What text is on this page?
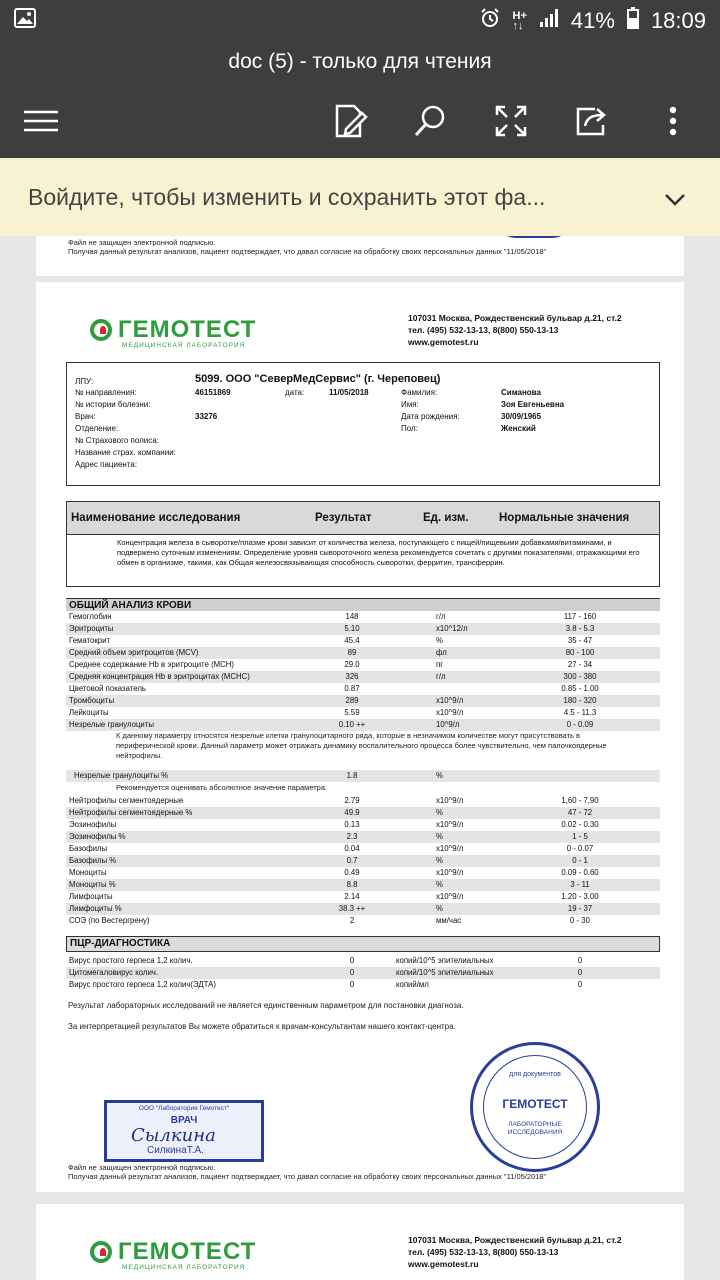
H+
↑↓ 41% 18:09
doc (5) - только для чтения
Войдите, чтобы изменить и сохранить этот фа...
Файл не защищен электронной подписью.
Получая данный результат анализов, пациент подтверждает, что давал согласие на обработку своих персональных данных "11/05/2018"
ГЕМОТЕСТ
МЕДИЦИНСКАЯ ЛАБОРАТОРИЯ
107031 Москва, Рождественский бульвар д.21, ст.2
тел. (495) 532-13-13, 8(800) 550-13-13
www.gemotest.ru
ЛПУ:	5099. ООО "СеверМедСервис" (г. Череповец)
№ направления:	46151869	дата:	11/05/2018
№ истории болезни:
Врач:	33276
Отделение:
№ Страхового полиса:
Название страх. компании:
Адрес пациента:
Фамилия:	Симанова
Имя:	Зоя Евгеньевна
Дата рождения:	30/09/1965
Пол:	Женский
Наименование исследования	Результат	Ед. изм.	Нормальные значения
Концентрация железа в сыворотке/плазме крови зависит от количества железа, поступающего с пищей/пищевыми добавками/витаминами, и подвержено суточным изменениям. Определение уровня сывороточного железа рекомендуется сочетать с другими показателями, отражающими его обмен в организме, такими, как Общая железосвязывающая способность сыворотки, ферритин, трансферрин.
ОБЩИЙ АНАЛИЗ КРОВИ
Гемоглобин	148	г/л	117 - 160
Эритроциты	5.10	x10^12/л	3.8 - 5.3
Гематокрит	45.4	%	35 - 47
Средний объем эритроцитов (MCV)	89	фл	80 - 100
Среднее содержание Hb в эритроците (MCH)	29.0	пг	27 - 34
Средняя концентрация Hb в эритроцитах (MCHC)	326	г/л	300 - 380
Цветовой показатель	0.87	0.85 - 1.00
Тромбоциты	289	x10^9/л	180 - 320
Лейкоциты	5.59	x10^9/л	4.5 - 11.3
Незрелые гранулоциты	0.10 ++	10^9/л	0 - 0.09
К данному параметру относятся незрелые клетки гранулоцитарного ряда, которые в незначимом количестве могут присутствовать в периферической крови. Данный параметр может отражать динамику воспалительного процесса более чувствительно, чем палочкоядерные нейтрофилы.
Незрелые гранулоциты %	1.8	%
Рекомендуется оценивать абсолютное значение параметра.
Нейтрофилы сегментоядерные	2.79	x10^9/л	1,60 - 7,90
Нейтрофилы сегментоядерные %	49.9	%	47 - 72
Эозинофилы	0.13	x10^9/л	0.02 - 0.30
Эозинофилы %	2.3	%	1 - 5
Базофилы	0.04	x10^9/л	0 - 0.07
Базофилы %	0.7	%	0 - 1
Моноциты	0.49	x10^9/л	0.09 - 0.60
Моноциты %	8.8	%	3 - 11
Лимфоциты	2.14	x10^9/л	1.20 - 3.00
Лимфоциты %	38.3 ++	%	19 - 37
СОЭ (по Вестергрену)	2	мм/час	0 - 30
ПЦР-ДИАГНОСТИКА
Вирус простого герпеса 1,2 колич.	0	копий/10^5 эпителиальных	0
Цитомегаловирус колич.	0	копий/10^5 эпителиальных	0
Вирус простого герпеса 1,2 колич(ЭДТА)	0	копий/мл	0
Результат лабораторных исследований не является единственным параметром для постановки диагноза.
За интерпретацией результатов Вы можете обратиться к врачам-консультантам нашего контакт-центра.
ООО "Лаборатория Гемотест"
ВРАЧ
Сылкина
СилкинаТ.А.
для документов
ГЕМОТЕСТ
ЛАБОРАТОРНЫЕ ИССЛЕДОВАНИЯ
Файл не защищен электронной подписью.
Получая данный результат анализов, пациент подтверждает, что давал согласие на обработку своих персональных данных "11/05/2018"
ГЕМОТЕСТ
МЕДИЦИНСКАЯ ЛАБОРАТОРИЯ
107031 Москва, Рождественский бульвар д.21, ст.2
тел. (495) 532-13-13, 8(800) 550-13-13
www.gemotest.ru
